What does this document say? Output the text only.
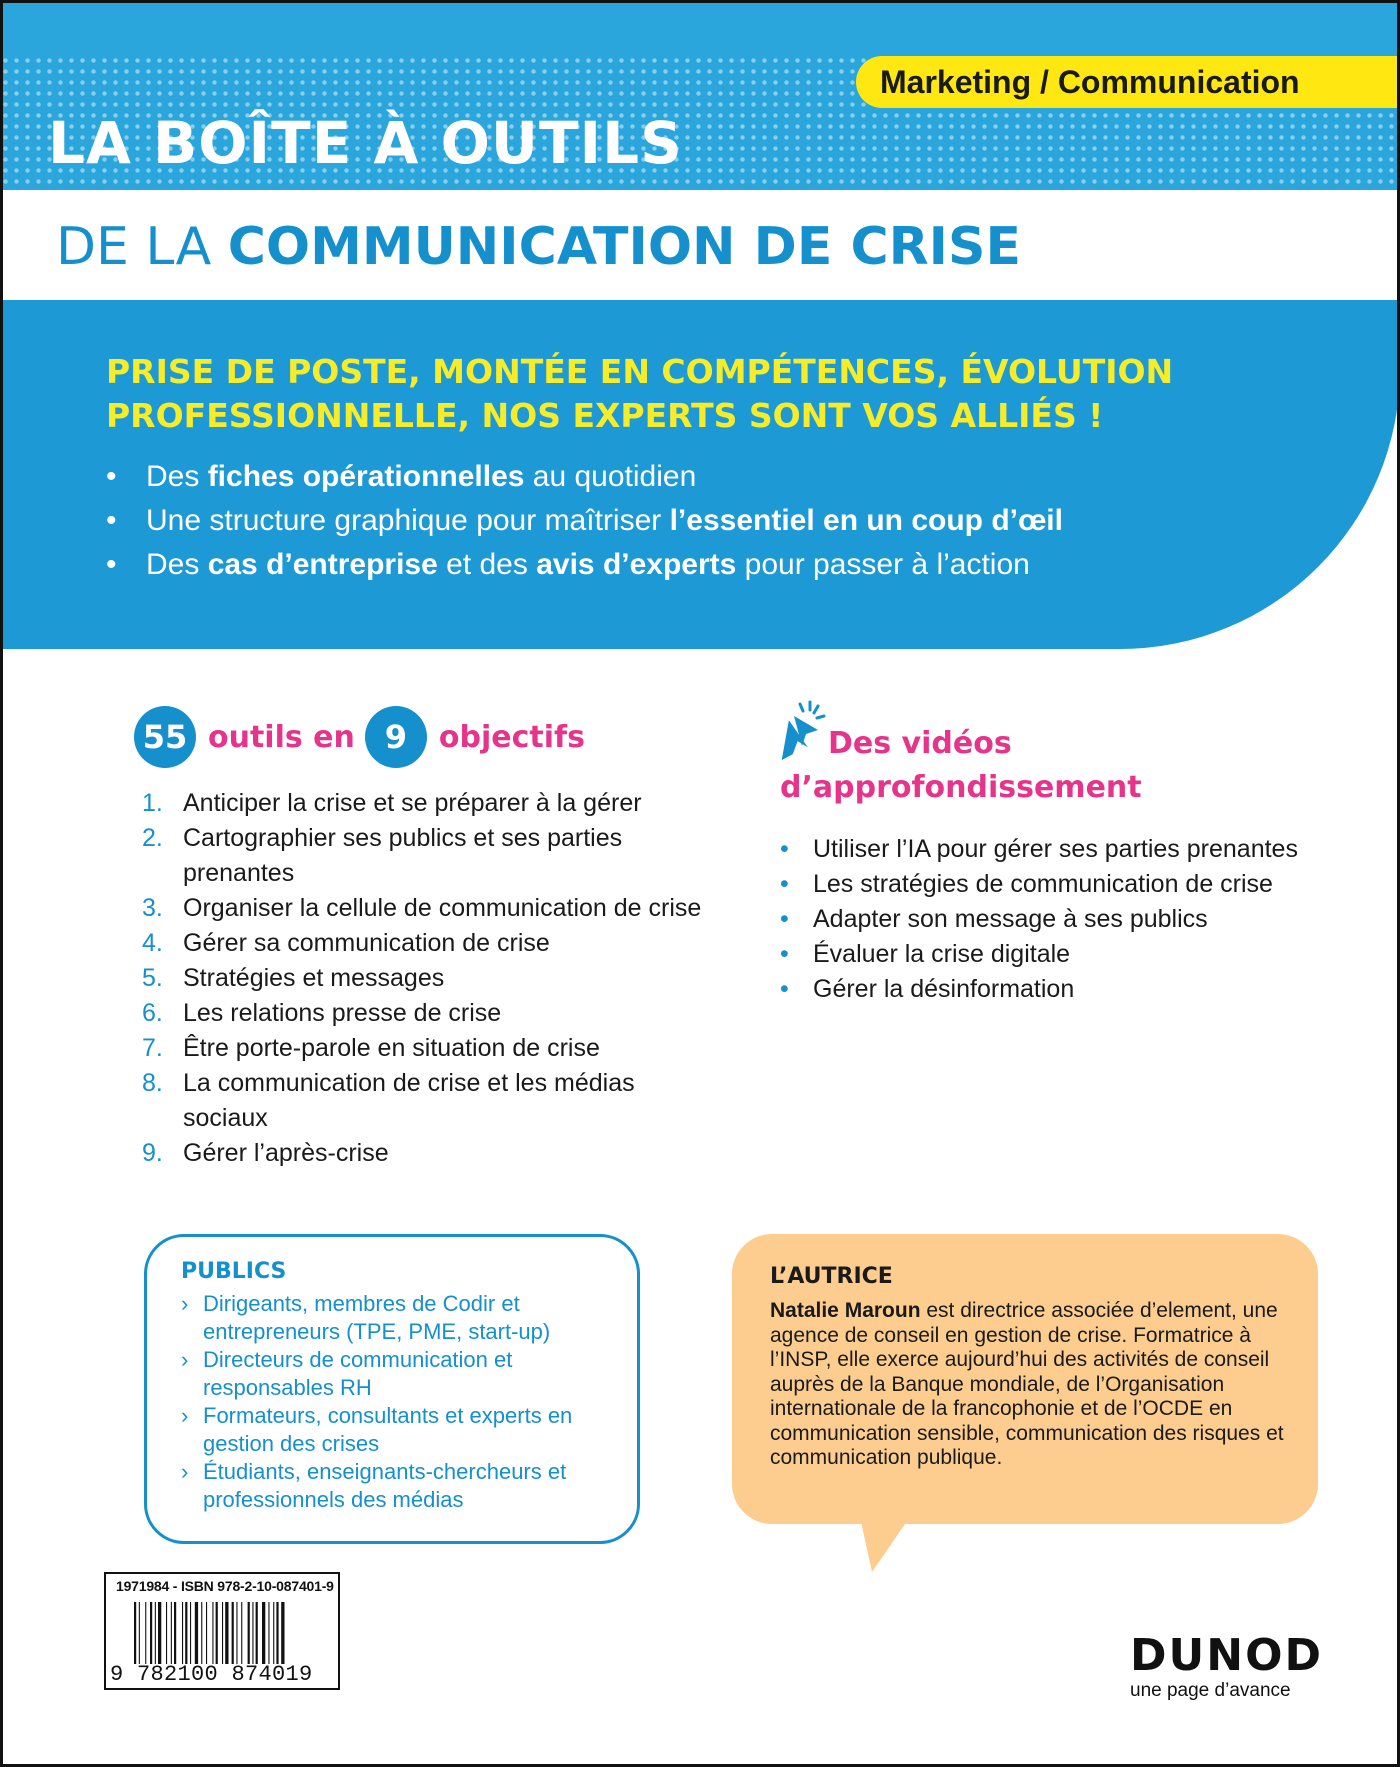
Marketing / Communication
LA BOÎTE À OUTILS
DE LA COMMUNICATION DE CRISE
PRISE DE POSTE, MONTÉE EN COMPÉTENCES, ÉVOLUTION PROFESSIONNELLE, NOS EXPERTS SONT VOS ALLIÉS !
• Des fiches opérationnelles au quotidien
• Une structure graphique pour maîtriser l’essentiel en un coup d’œil
• Des cas d’entreprise et des avis d’experts pour passer à l’action
55 outils en 9	objectifs
1. Anticiper la crise et se préparer à la gérer
2. Cartographier ses publics et ses parties prenantes
3. Organiser la cellule de communication de crise
4. Gérer sa communication de crise
5. Stratégies et messages
6. Les relations presse de crise
7. Être porte-parole en situation de crise
8. La communication de crise et les médias sociaux
9. Gérer l’après-crise
Des vidéos
d’approfondissement
• Utiliser l’IA pour gérer ses parties prenantes
• Les stratégies de communication de crise
• Adapter son message à ses publics
• Évaluer la crise digitale
• Gérer la désinformation
PUBLICS
› Dirigeants, membres de Codir et entrepreneurs (TPE, PME, start-up)
› Directeurs de communication et responsables RH
› Formateurs, consultants et experts en gestion des crises
› Étudiants, enseignants-chercheurs et professionnels des médias
L’AUTRICE
Natalie Maroun est directrice associée d’element, une agence de conseil en gestion de crise. Formatrice à l’INSP, elle exerce aujourd’hui des activités de conseil auprès de la Banque mondiale, de l’Organisation internationale de la francophonie et de l’OCDE en communication sensible, communication des risques et communication publique.
1971984 - ISBN 978-2-10-087401-9
9 782100 874019	DUNOD
une page d’avance
